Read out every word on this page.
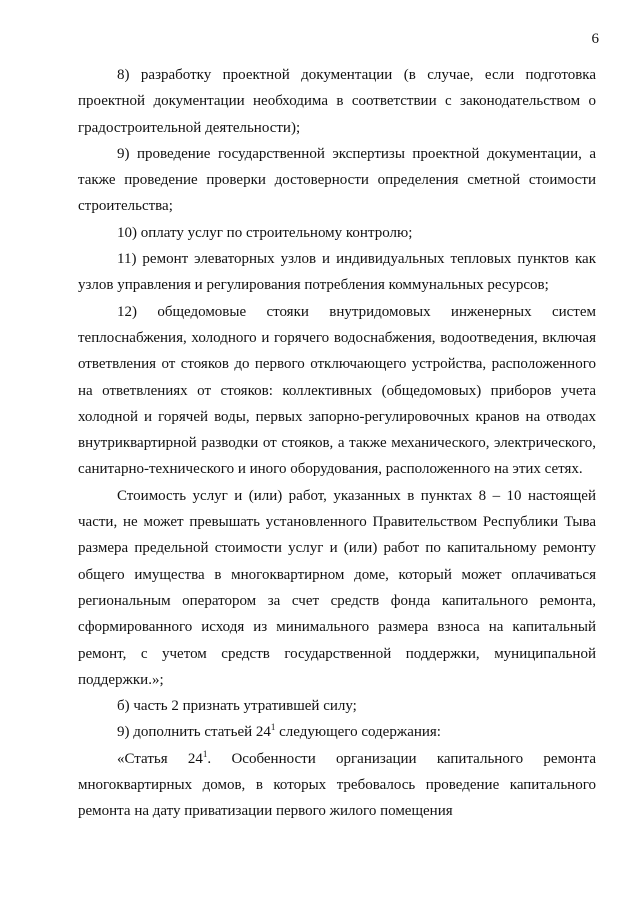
6

8) разработку проектной документации (в случае, если подготовка проектной документации необходима в соответствии с законодательством о градостроительной деятельности);

9) проведение государственной экспертизы проектной документации, а также проведение проверки достоверности определения сметной стоимости строительства;

10) оплату услуг по строительному контролю;

11) ремонт элеваторных узлов и индивидуальных тепловых пунктов как узлов управления и регулирования потребления коммунальных ресурсов;

12) общедомовые стояки внутридомовых инженерных систем теплоснабжения, холодного и горячего водоснабжения, водоотведения, включая ответвления от стояков до первого отключающего устройства, расположенного на ответвлениях от стояков: коллективных (общедомовых) приборов учета холодной и горячей воды, первых запорно-регулировочных кранов на отводах внутриквартирной разводки от стояков, а также механического, электрического, санитарно-технического и иного оборудования, расположенного на этих сетях.

Стоимость услуг и (или) работ, указанных в пунктах 8 – 10 настоящей части, не может превышать установленного Правительством Республики Тыва размера предельной стоимости услуг и (или) работ по капитальному ремонту общего имущества в многоквартирном доме, который может оплачиваться региональным оператором за счет средств фонда капитального ремонта, сформированного исходя из минимального размера взноса на капитальный ремонт, с учетом средств государственной поддержки, муниципальной поддержки.»;

б) часть 2 признать утратившей силу;

9) дополнить статьей $24^1$ следующего содержания:

«Статья $24^1$. Особенности организации капитального ремонта многоквартирных домов, в которых требовалось проведение капитального ремонта на дату приватизации первого жилого помещения
